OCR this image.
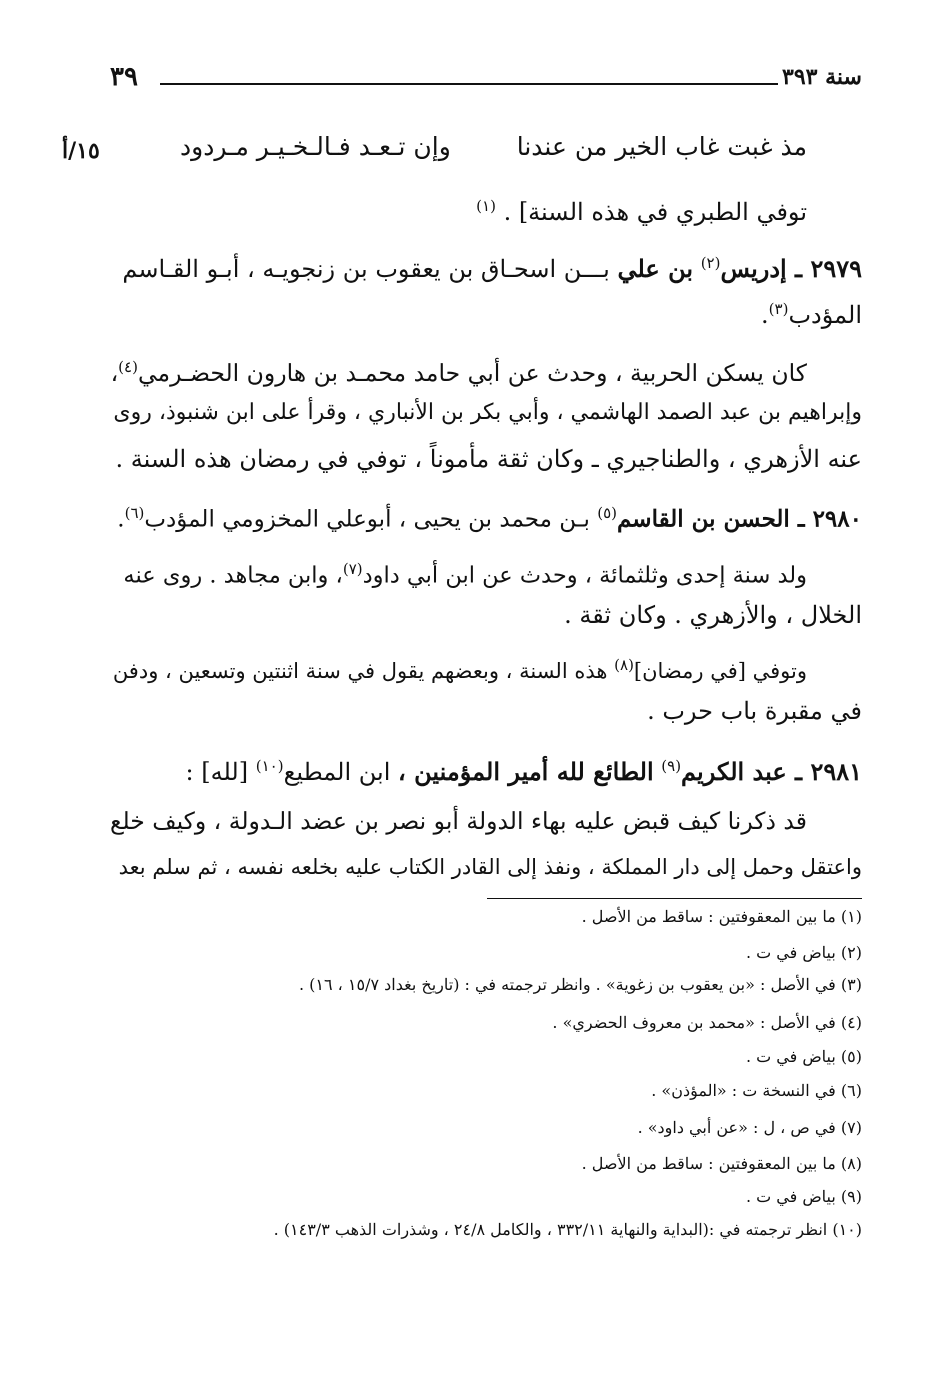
٣٩	سنة ٣٩٣
١٥/أ	مذ غبت غاب الخير من عندنا
وإن تـعـد فـالـخـيـر مـردود
توفي الطبري في هذه السنة] . $^{(١)}$
٢٩٧٩ ـ إدريس$^{(٢)}$ بن علي بـــن اسحـاق بن يعقوب بن زنجويـه ، أبـو القـاسم
المؤدب$^{(٣)}$.
كان يسكن الحربية ، وحدث عن أبي حامد محمـد بن هارون الحضـرمي$^{(٤)}$،
وإبراهيم بن عبد الصمد الهاشمي ، وأبي بكر بن الأنباري ، وقرأ على ابن شنبوذ، روى
عنه الأزهري ، والطناجيري ـ وكان ثقة مأموناً ، توفي في رمضان هذه السنة .
٢٩٨٠ ـ الحسن بن القاسم$^{(٥)}$ بـن محمد بن يحيى ، أبوعلي المخزومي المؤدب$^{(٦)}$.
ولد سنة إحدى وثلثمائة ، وحدث عن ابن أبي داود$^{(٧)}$، وابن مجاهد . روى عنه
الخلال ، والأزهري . وكان ثقة .
وتوفي [في رمضان]$^{(٨)}$ هذه السنة ، وبعضهم يقول في سنة اثنتين وتسعين ، ودفن
في مقبرة باب حرب .
٢٩٨١ ـ عبد الكريم$^{(٩)}$ الطائع لله أمير المؤمنين ، ابن المطيع$^{(١٠)}$ [لله] :
قد ذكرنا كيف قبض عليه بهاء الدولة أبو نصر بن عضد الـدولة ، وكيف خلع
واعتقل وحمل إلى دار المملكة ، ونفذ إلى القادر الكتاب عليه بخلعه نفسه ، ثم سلم بعد
(١) ما بين المعقوفتين : ساقط من الأصل .
(٢) بياض في ت .
(٣) في الأصل : «بن يعقوب بن زغوية» . وانظر ترجمته في : (تاريخ بغداد ١٥/٧ ، ١٦) .
(٤) في الأصل : «محمد بن معروف الحضري» .
(٥) بياض في ت .
(٦) في النسخة ت : «المؤذن» .
(٧) في ص ، ل : «عن أبي داود» .
(٨) ما بين المعقوفتين : ساقط من الأصل .
(٩) بياض في ت .
(١٠) انظر ترجمته في :(البداية والنهاية ٣٣٢/١١ ، والكامل ٢٤/٨ ، وشذرات الذهب ١٤٣/٣) .
